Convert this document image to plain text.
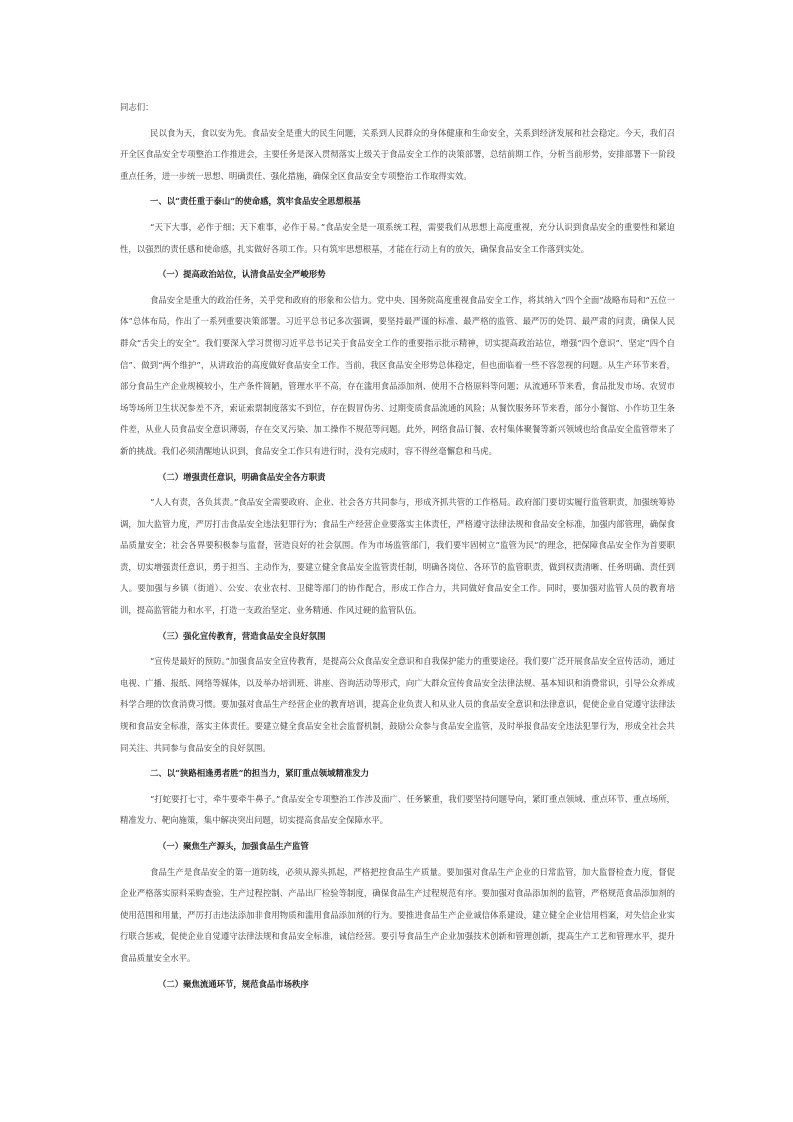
同志们：

民以食为天，食以安为先。食品安全是重大的民生问题，关系到人民群众的身体健康和生命安全，关系到经济发展和社会稳定。今天，我们召开全区食品安全专项整治工作推进会，主要任务是深入贯彻落实上级关于食品安全工作的决策部署，总结前期工作，分析当前形势，安排部署下一阶段重点任务，进一步统一思想、明确责任、强化措施，确保全区食品安全专项整治工作取得实效。

一、以“责任重于泰山”的使命感，筑牢食品安全思想根基

“天下大事，必作于细；天下难事，必作于易。”食品安全是一项系统工程，需要我们从思想上高度重视，充分认识到食品安全的重要性和紧迫性，以强烈的责任感和使命感，扎实做好各项工作。只有筑牢思想根基，才能在行动上有的放矢，确保食品安全工作落到实处。

（一）提高政治站位，认清食品安全严峻形势

食品安全是重大的政治任务，关乎党和政府的形象和公信力。党中央、国务院高度重视食品安全工作，将其纳入“四个全面”战略布局和“五位一体”总体布局，作出了一系列重要决策部署。习近平总书记多次强调，要坚持最严谨的标准、最严格的监管、最严厉的处罚、最严肃的问责，确保人民群众“舌尖上的安全”。我们要深入学习贯彻习近平总书记关于食品安全工作的重要指示批示精神，切实提高政治站位，增强“四个意识”、坚定“四个自信”、做到“两个维护”，从讲政治的高度做好食品安全工作。当前，我区食品安全形势总体稳定，但也面临着一些不容忽视的问题。从生产环节来看，部分食品生产企业规模较小，生产条件简陋，管理水平不高，存在滥用食品添加剂、使用不合格原料等问题；从流通环节来看，食品批发市场、农贸市场等场所卫生状况参差不齐，索证索票制度落实不到位，存在假冒伪劣、过期变质食品流通的风险；从餐饮服务环节来看，部分小餐馆、小作坊卫生条件差，从业人员食品安全意识薄弱，存在交叉污染、加工操作不规范等问题。此外，网络食品订餐、农村集体聚餐等新兴领域也给食品安全监管带来了新的挑战。我们必须清醒地认识到，食品安全工作只有进行时，没有完成时，容不得丝毫懈怠和马虎。

（二）增强责任意识，明确食品安全各方职责

“人人有责，各负其责。”食品安全需要政府、企业、社会各方共同参与，形成齐抓共管的工作格局。政府部门要切实履行监管职责，加强统筹协调，加大监管力度，严厉打击食品安全违法犯罪行为；食品生产经营企业要落实主体责任，严格遵守法律法规和食品安全标准，加强内部管理，确保食品质量安全；社会各界要积极参与监督，营造良好的社会氛围。作为市场监管部门，我们要牢固树立“监管为民”的理念，把保障食品安全作为首要职责，切实增强责任意识，勇于担当、主动作为，要建立健全食品安全监管责任制，明确各岗位、各环节的监管职责，做到权责清晰、任务明确、责任到人。要加强与乡镇（街道）、公安、农业农村、卫健等部门的协作配合，形成工作合力，共同做好食品安全工作。同时，要加强对监管人员的教育培训，提高监管能力和水平，打造一支政治坚定、业务精通、作风过硬的监管队伍。

（三）强化宣传教育，营造食品安全良好氛围

“宣传是最好的预防。”加强食品安全宣传教育，是提高公众食品安全意识和自我保护能力的重要途径。我们要广泛开展食品安全宣传活动，通过电视、广播、报纸、网络等媒体，以及举办培训班、讲座、咨询活动等形式，向广大群众宣传食品安全法律法规、基本知识和消费常识，引导公众养成科学合理的饮食消费习惯。要加强对食品生产经营企业的教育培训，提高企业负责人和从业人员的食品安全意识和法律意识，促使企业自觉遵守法律法规和食品安全标准，落实主体责任。要建立健全食品安全社会监督机制，鼓励公众参与食品安全监管，及时举报食品安全违法犯罪行为，形成全社会共同关注、共同参与食品安全的良好氛围。

二、以“狭路相逢勇者胜”的担当力，紧盯重点领域精准发力

“打蛇要打七寸，牵牛要牵牛鼻子。”食品安全专项整治工作涉及面广、任务繁重，我们要坚持问题导向，紧盯重点领域、重点环节、重点场所，精准发力、靶向施策，集中解决突出问题，切实提高食品安全保障水平。

（一）聚焦生产源头，加强食品生产监管

食品生产是食品安全的第一道防线，必须从源头抓起，严格把控食品生产质量。要加强对食品生产企业的日常监管，加大监督检查力度，督促企业严格落实原料采购查验、生产过程控制、产品出厂检验等制度，确保食品生产过程规范有序。要加强对食品添加剂的监管，严格规范食品添加剂的使用范围和用量，严厉打击违法添加非食用物质和滥用食品添加剂的行为。要推进食品生产企业诚信体系建设，建立健全企业信用档案，对失信企业实行联合惩戒，促使企业自觉遵守法律法规和食品安全标准，诚信经营。要引导食品生产企业加强技术创新和管理创新，提高生产工艺和管理水平，提升食品质量安全水平。

（二）聚焦流通环节，规范食品市场秩序
